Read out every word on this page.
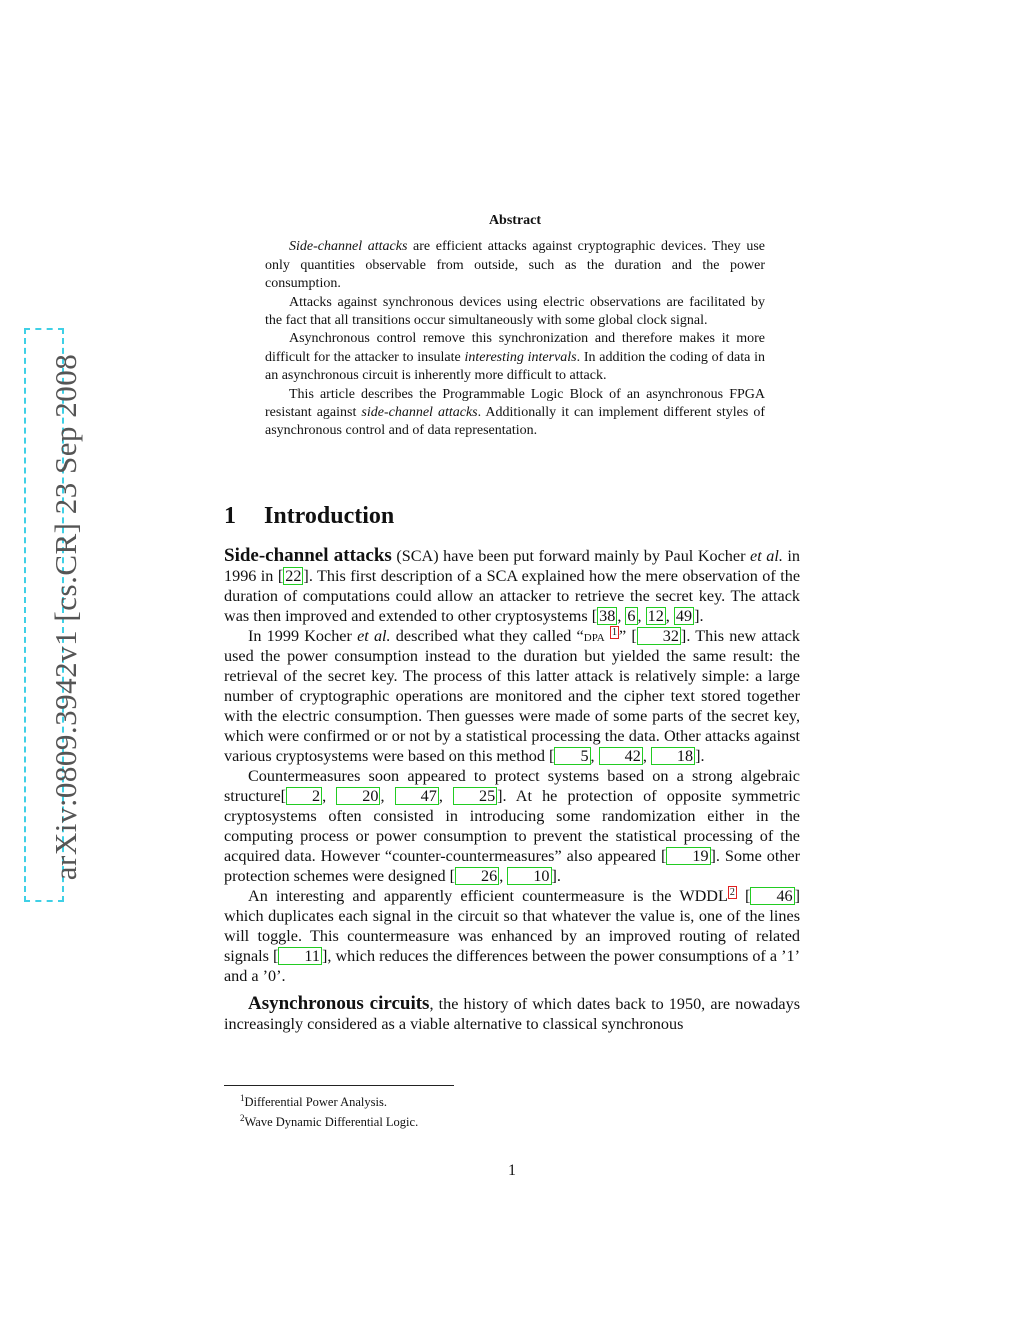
arXiv:0809.3942v1 [cs.CR] 23 Sep 2008
Abstract

Side-channel attacks are efficient attacks against cryptographic devices. They use only quantities observable from outside, such as the duration and the power consumption.

Attacks against synchronous devices using electric observations are facilitated by the fact that all transitions occur simultaneously with some global clock signal.

Asynchronous control remove this synchronization and therefore makes it more difficult for the attacker to insulate interesting intervals. In addition the coding of data in an asynchronous circuit is inherently more difficult to attack.

This article describes the Programmable Logic Block of an asynchronous FPGA resistant against side-channel attacks. Additionally it can implement different styles of asynchronous control and of data representation.

1 Introduction

Side-channel attacks (SCA) have been put forward mainly by Paul Kocher et al. in 1996 in [ 22 ]. This first description of a SCA explained how the mere observation of the duration of computations could allow an attacker to retrieve the secret key. The attack was then improved and extended to other cryptosystems [ 38 , 6 , 12 , 49 ].

In 1999 Kocher et al. described what they called “dpa $^1$ ” [ 32 ]. This new attack used the power consumption instead to the duration but yielded the same result: the retrieval of the secret key. The process of this latter attack is relatively simple: a large number of cryptographic operations are monitored and the cipher text stored together with the electric consumption. Then guesses were made of some parts of the secret key, which were confirmed or or not by a statistical processing the data. Other attacks against various cryptosystems were based on this method [ 5 , 42 , 18 ].

Countermeasures soon appeared to protect systems based on a strong algebraic structure[ 2 , 20 , 47 , 25 ]. At he protection of opposite symmetric cryptosystems often consisted in introducing some randomization either in the computing process or power consumption to prevent the statistical processing of the acquired data. However “counter-countermeasures” also appeared [ 19 ]. Some other protection schemes were designed [ 26 , 10 ].

An interesting and apparently efficient countermeasure is the WDDL $^2$ [ 46 ] which duplicates each signal in the circuit so that whatever the value is, one of the lines will toggle. This countermeasure was enhanced by an improved routing of related signals [ 11 ], which reduces the differences between the power consumptions of a ’1’ and a ’0’.

Asynchronous circuits, the history of which dates back to 1950, are nowadays increasingly considered as a viable alternative to classical synchronous

$^1$Differential Power Analysis.
$^2$Wave Dynamic Differential Logic.
1
